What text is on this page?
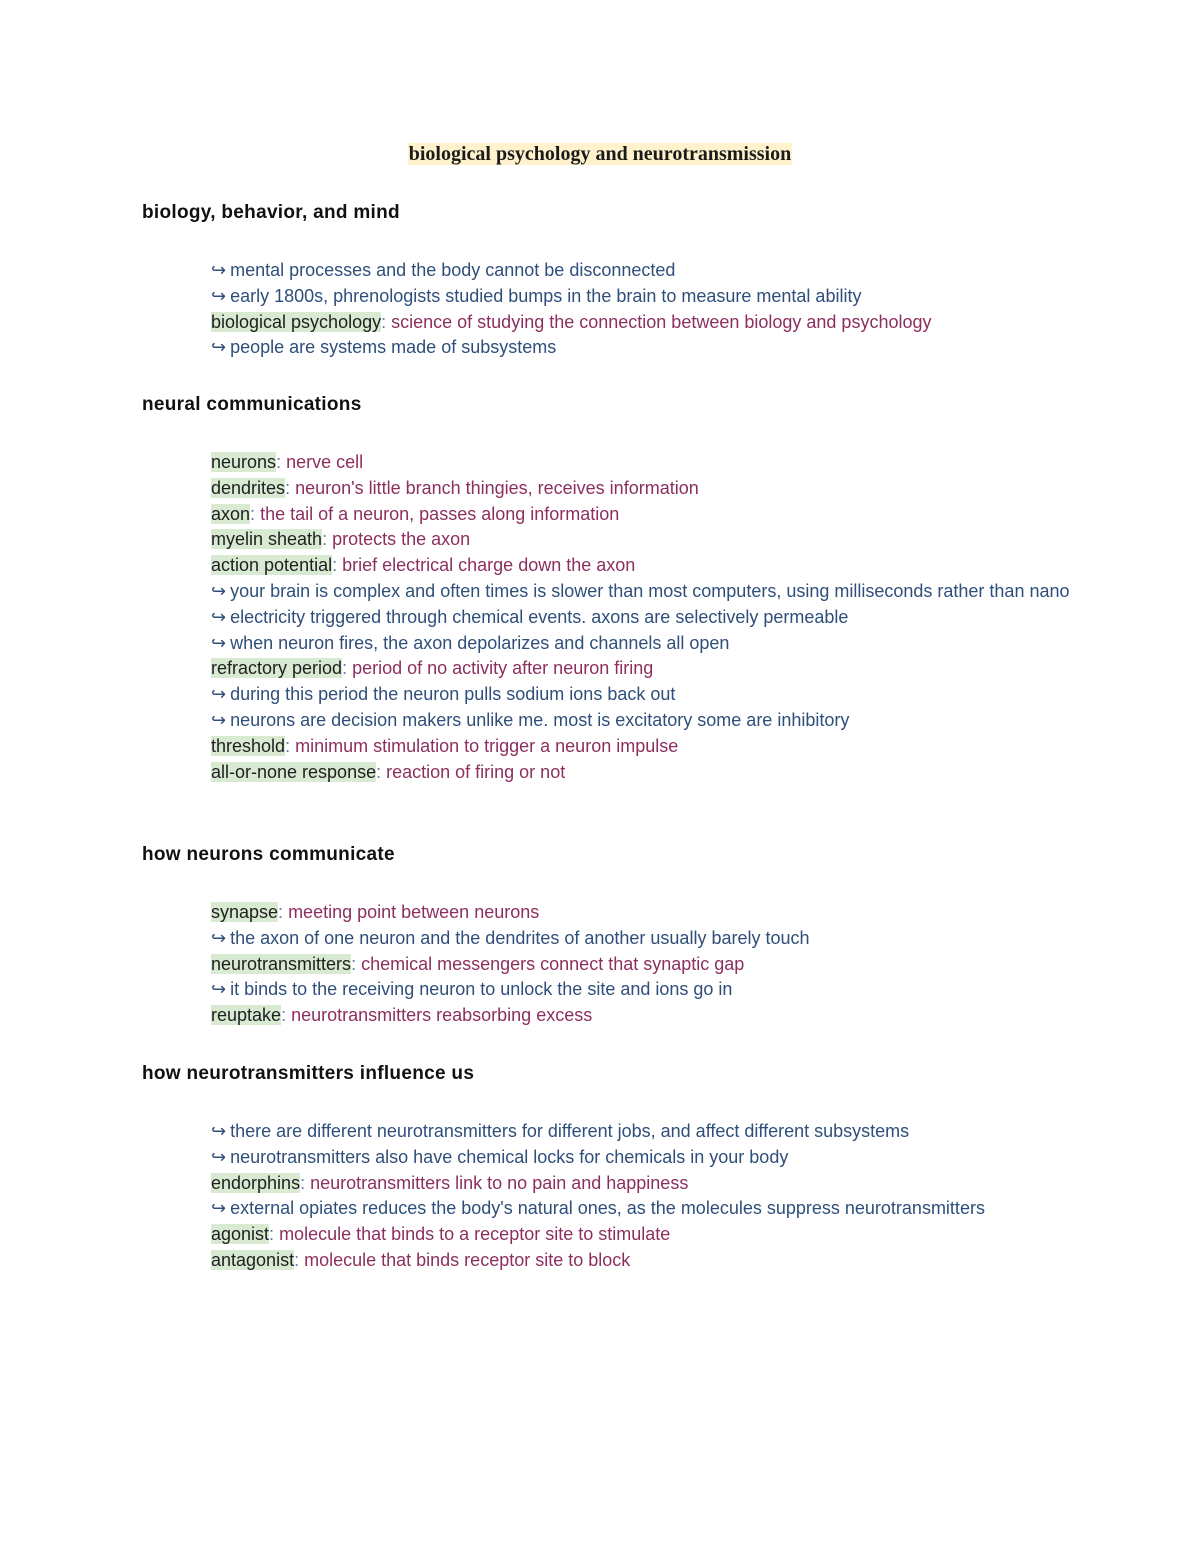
biological psychology and neurotransmission
biology, behavior, and mind
↪ mental processes and the body cannot be disconnected
↪ early 1800s, phrenologists studied bumps in the brain to measure mental ability
biological psychology: science of studying the connection between biology and psychology
↪ people are systems made of subsystems
neural communications
neurons: nerve cell
dendrites: neuron's little branch thingies, receives information
axon: the tail of a neuron, passes along information
myelin sheath: protects the axon
action potential: brief electrical charge down the axon
↪ your brain is complex and often times is slower than most computers, using milliseconds rather than nano
↪ electricity triggered through chemical events. axons are selectively permeable
↪ when neuron fires, the axon depolarizes and channels all open
refractory period: period of no activity after neuron firing
↪ during this period the neuron pulls sodium ions back out
↪ neurons are decision makers unlike me. most is excitatory some are inhibitory
threshold: minimum stimulation to trigger a neuron impulse
all-or-none response: reaction of firing or not
how neurons communicate
synapse: meeting point between neurons
↪ the axon of one neuron and the dendrites of another usually barely touch
neurotransmitters: chemical messengers connect that synaptic gap
↪ it binds to the receiving neuron to unlock the site and ions go in
reuptake: neurotransmitters reabsorbing excess
how neurotransmitters influence us
↪ there are different neurotransmitters for different jobs, and affect different subsystems
↪ neurotransmitters also have chemical locks for chemicals in your body
endorphins: neurotransmitters link to no pain and happiness
↪ external opiates reduces the body's natural ones, as the molecules suppress neurotransmitters
agonist: molecule that binds to a receptor site to stimulate
antagonist: molecule that binds receptor site to block
